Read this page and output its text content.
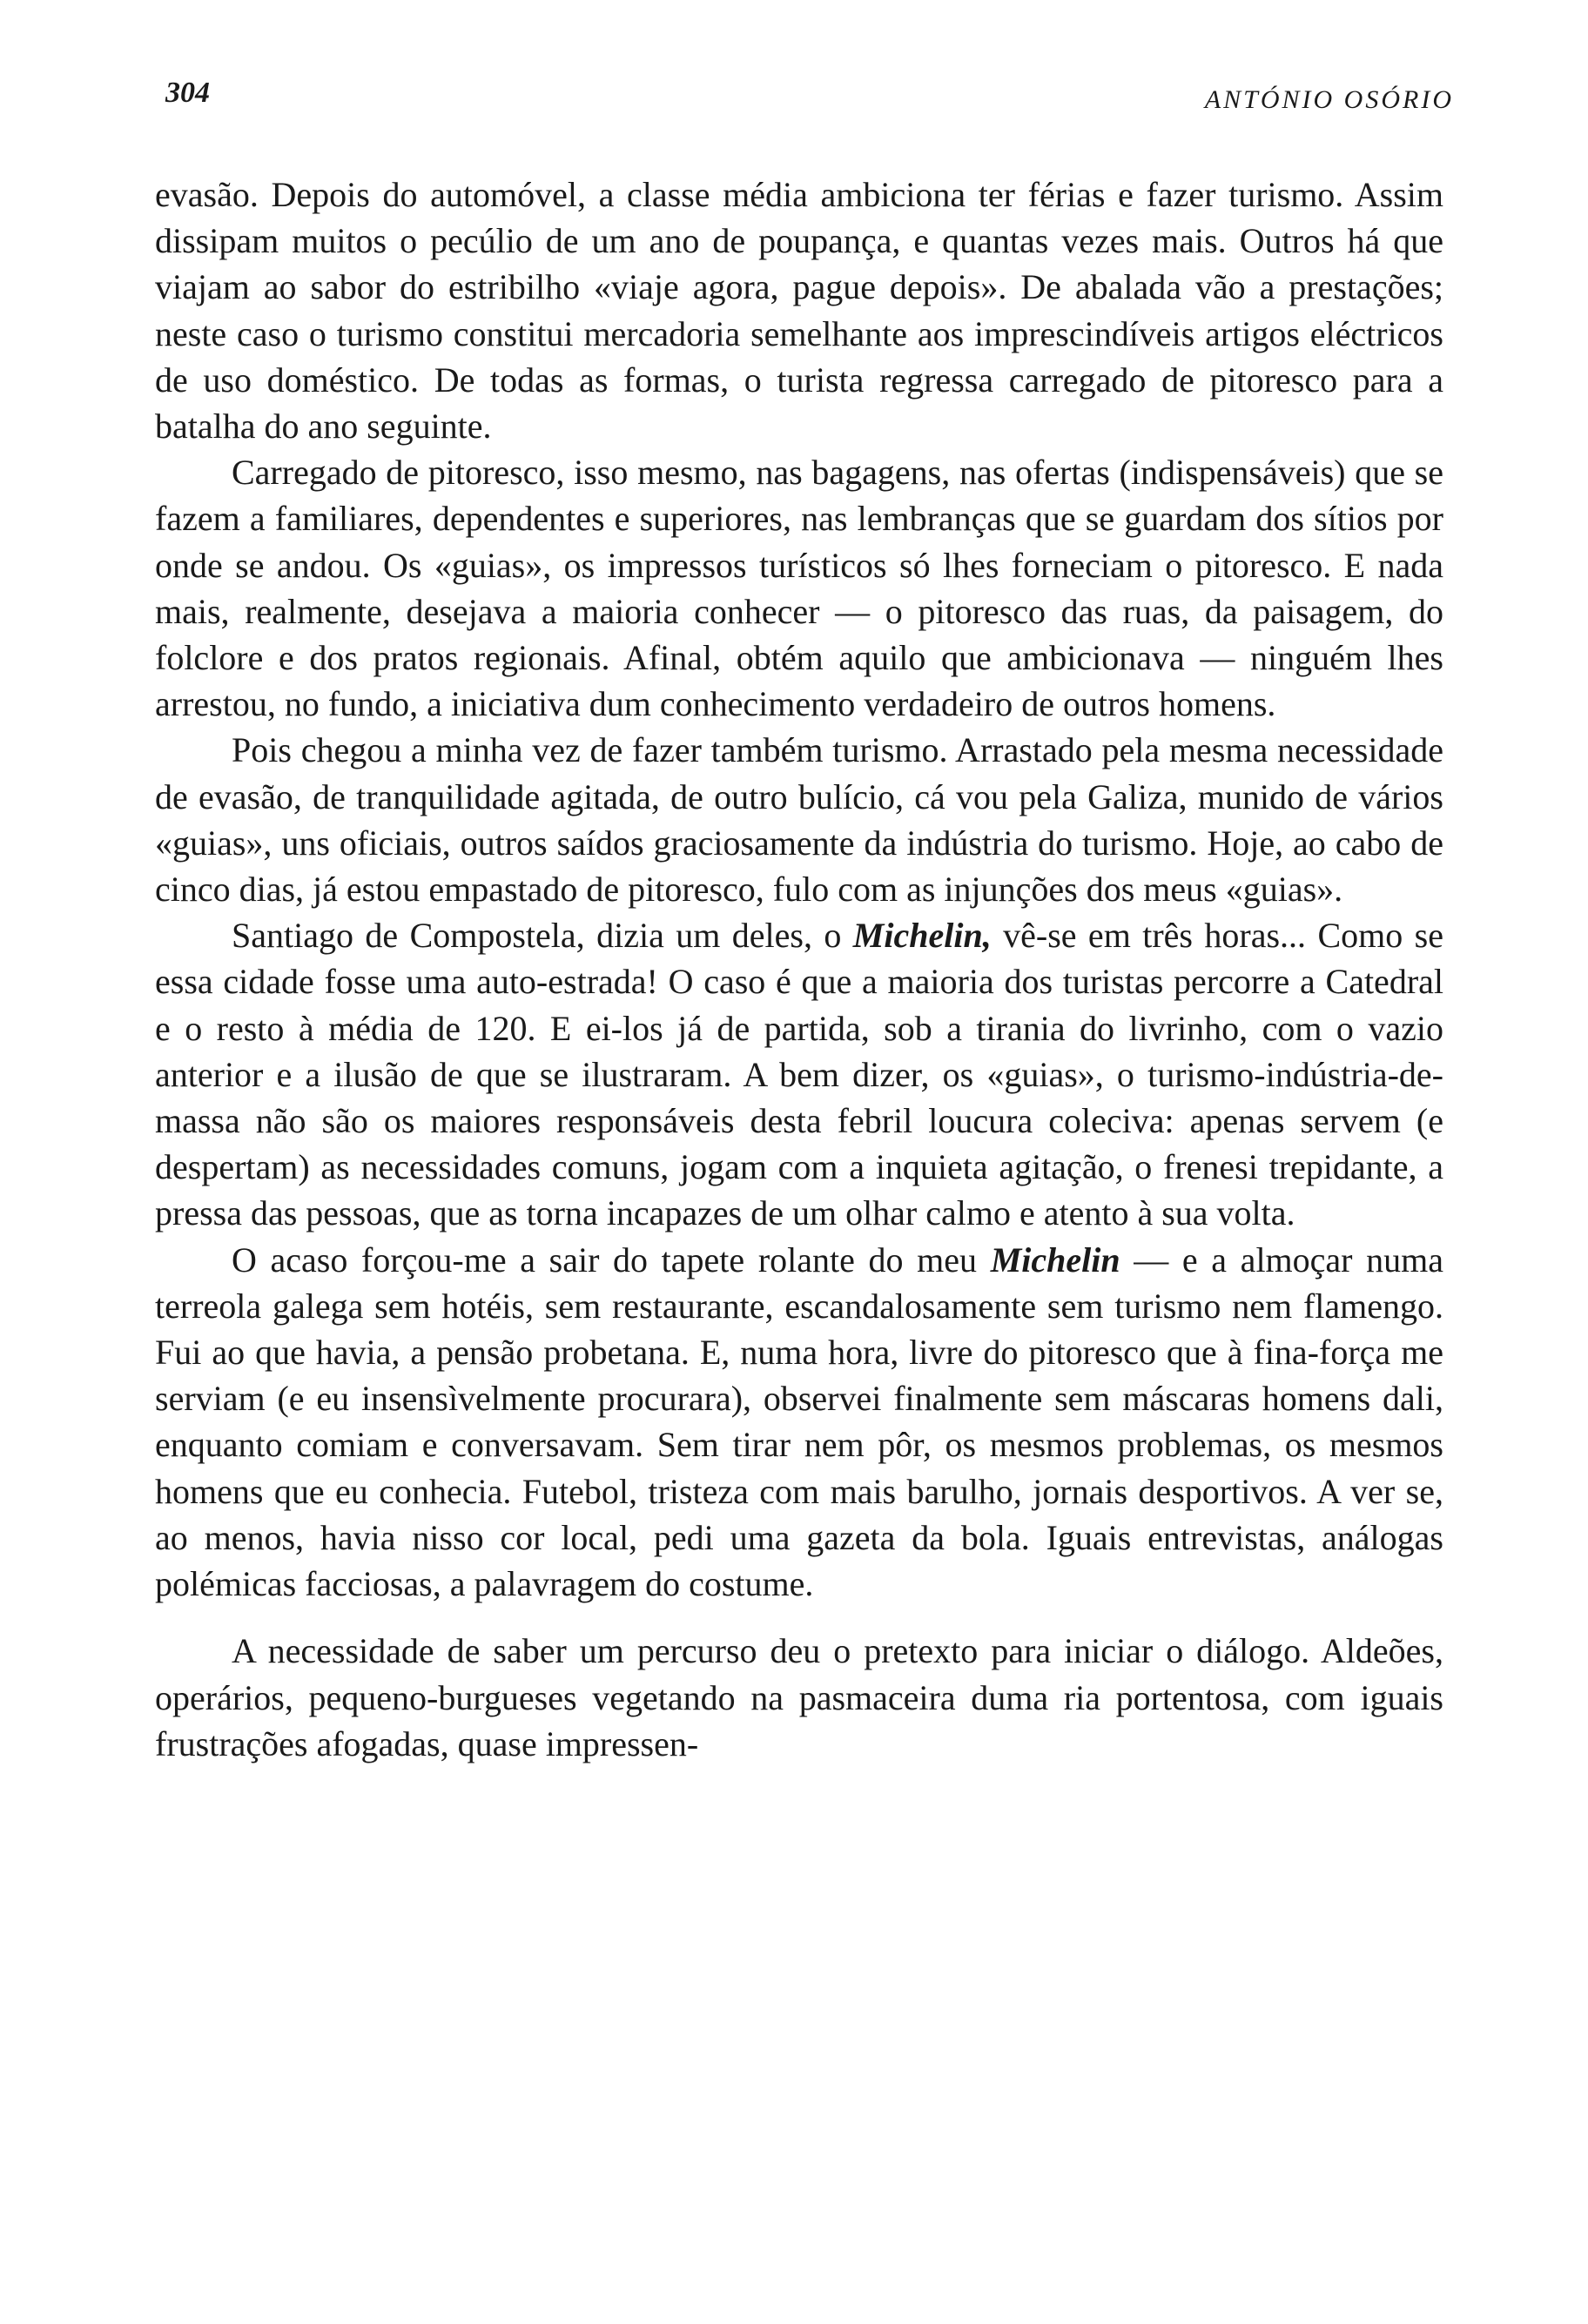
304	ANTÓNIO OSÓRIO

evasão. Depois do automóvel, a classe média ambiciona ter férias e fazer turismo. Assim dissipam muitos o pecúlio de um ano de poupança, e quantas vezes mais. Outros há que viajam ao sabor do estribilho «viaje agora, pague depois». De abalada vão a prestações; neste caso o turismo constitui mercadoria semelhante aos imprescindíveis artigos eléctricos de uso doméstico. De todas as formas, o turista regressa carregado de pitoresco para a batalha do ano seguinte.

Carregado de pitoresco, isso mesmo, nas bagagens, nas ofertas (indispensáveis) que se fazem a familiares, dependentes e superiores, nas lembranças que se guardam dos sítios por onde se andou. Os «guias», os impressos turísticos só lhes forneciam o pitoresco. E nada mais, realmente, desejava a maioria conhecer — o pitoresco das ruas, da paisagem, do folclore e dos pratos regionais. Afinal, obtém aquilo que ambicionava — ninguém lhes arrestou, no fundo, a iniciativa dum conhecimento verdadeiro de outros homens.

Pois chegou a minha vez de fazer também turismo. Arrastado pela mesma necessidade de evasão, de tranquilidade agitada, de outro bulício, cá vou pela Galiza, munido de vários «guias», uns oficiais, outros saídos graciosamente da indústria do turismo. Hoje, ao cabo de cinco dias, já estou empastado de pitoresco, fulo com as injunções dos meus «guias».

Santiago de Compostela, dizia um deles, o Michelin, vê-se em três horas... Como se essa cidade fosse uma auto-estrada! O caso é que a maioria dos turistas percorre a Catedral e o resto à média de 120. E ei-los já de partida, sob a tirania do livrinho, com o vazio anterior e a ilusão de que se ilustraram. A bem dizer, os «guias», o turismo-indústria-de-massa não são os maiores responsáveis desta febril loucura coleciva: apenas servem (e despertam) as necessidades comuns, jogam com a inquieta agitação, o frenesi trepidante, a pressa das pessoas, que as torna incapazes de um olhar calmo e atento à sua volta.

O acaso forçou-me a sair do tapete rolante do meu Michelin — e a almoçar numa terreola galega sem hotéis, sem restaurante, escandalosamente sem turismo nem flamengo. Fui ao que havia, a pensão probetana. E, numa hora, livre do pitoresco que à fina-força me serviam (e eu insensìvelmente procurara), observei finalmente sem máscaras homens dali, enquanto comiam e conversavam. Sem tirar nem pôr, os mesmos problemas, os mesmos homens que eu conhecia. Futebol, tristeza com mais barulho, jornais desportivos. A ver se, ao menos, havia nisso cor local, pedi uma gazeta da bola. Iguais entrevistas, análogas polémicas facciosas, a palavragem do costume.

A necessidade de saber um percurso deu o pretexto para iniciar o diálogo. Aldeões, operários, pequeno-burgueses vegetando na pasmaceira duma ria portentosa, com iguais frustrações afogadas, quase impressen-
